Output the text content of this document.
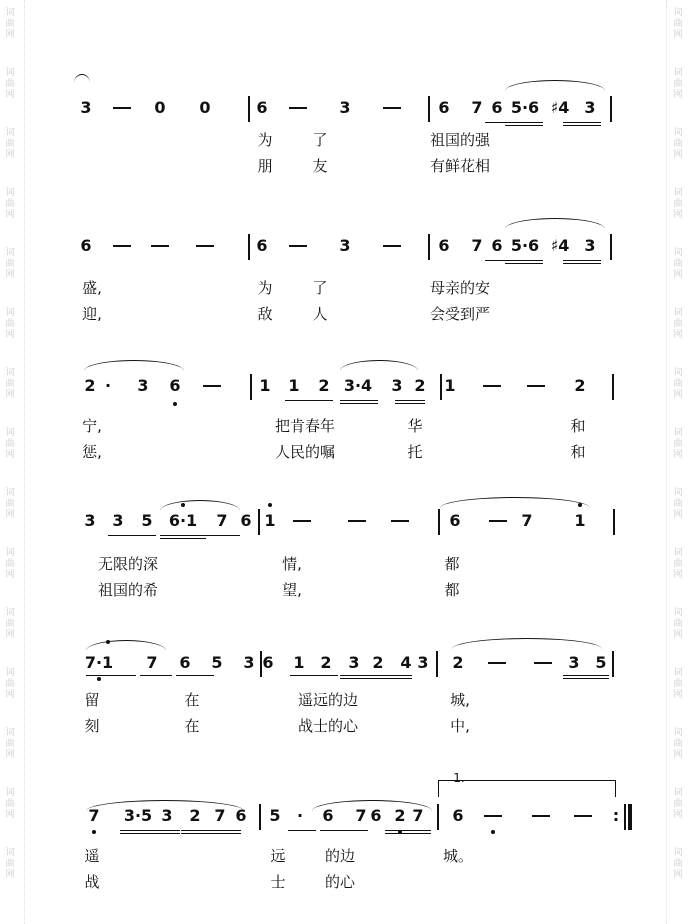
词
曲
网
词
曲
网
词
曲
网
词
曲
网
词
曲
网
词
曲
网
词
曲
网
词
曲
网
词
曲
网
词
曲
网
词
曲
网
词
曲
网
词
曲
网
词
曲
网
词
曲
网
词
曲
网
词
曲
网
词
曲
网
词
曲
网
词
曲
网
词
曲
网
词
曲
网
词
曲
网
词
曲
网
词
曲
网
词
曲
网
词
曲
网
词
曲
网
词
曲
网
词
曲
网
3	0 0	6	3	6 7 6 5·6 ♯4 3
6	6	3	6 7 6 5·6 ♯4 3
2 · 3 6	1 1 2 3·4 3 2 1	2
3 3 5 6·1 7 6 1	6	7	1
7·1 7 6 5 3 6 1 2 3 2 4 3 2	3 5
7 3·5 3 2 7 6 5 · 6 7 6 2 7 6	:
1.
为	了	祖国的强
朋	友	有鲜花相
盛,	为	了	母亲的安
迎,	敌	人	会受到严
宁,	把肯春年	华	和
惩,	人民的嘱	托	和
无限的深	情,	都
祖国的希	望,	都
留	在	遥远的边	城,
刻	在	战士的心	中,
遥	远	的边	城。
战	士	的心
